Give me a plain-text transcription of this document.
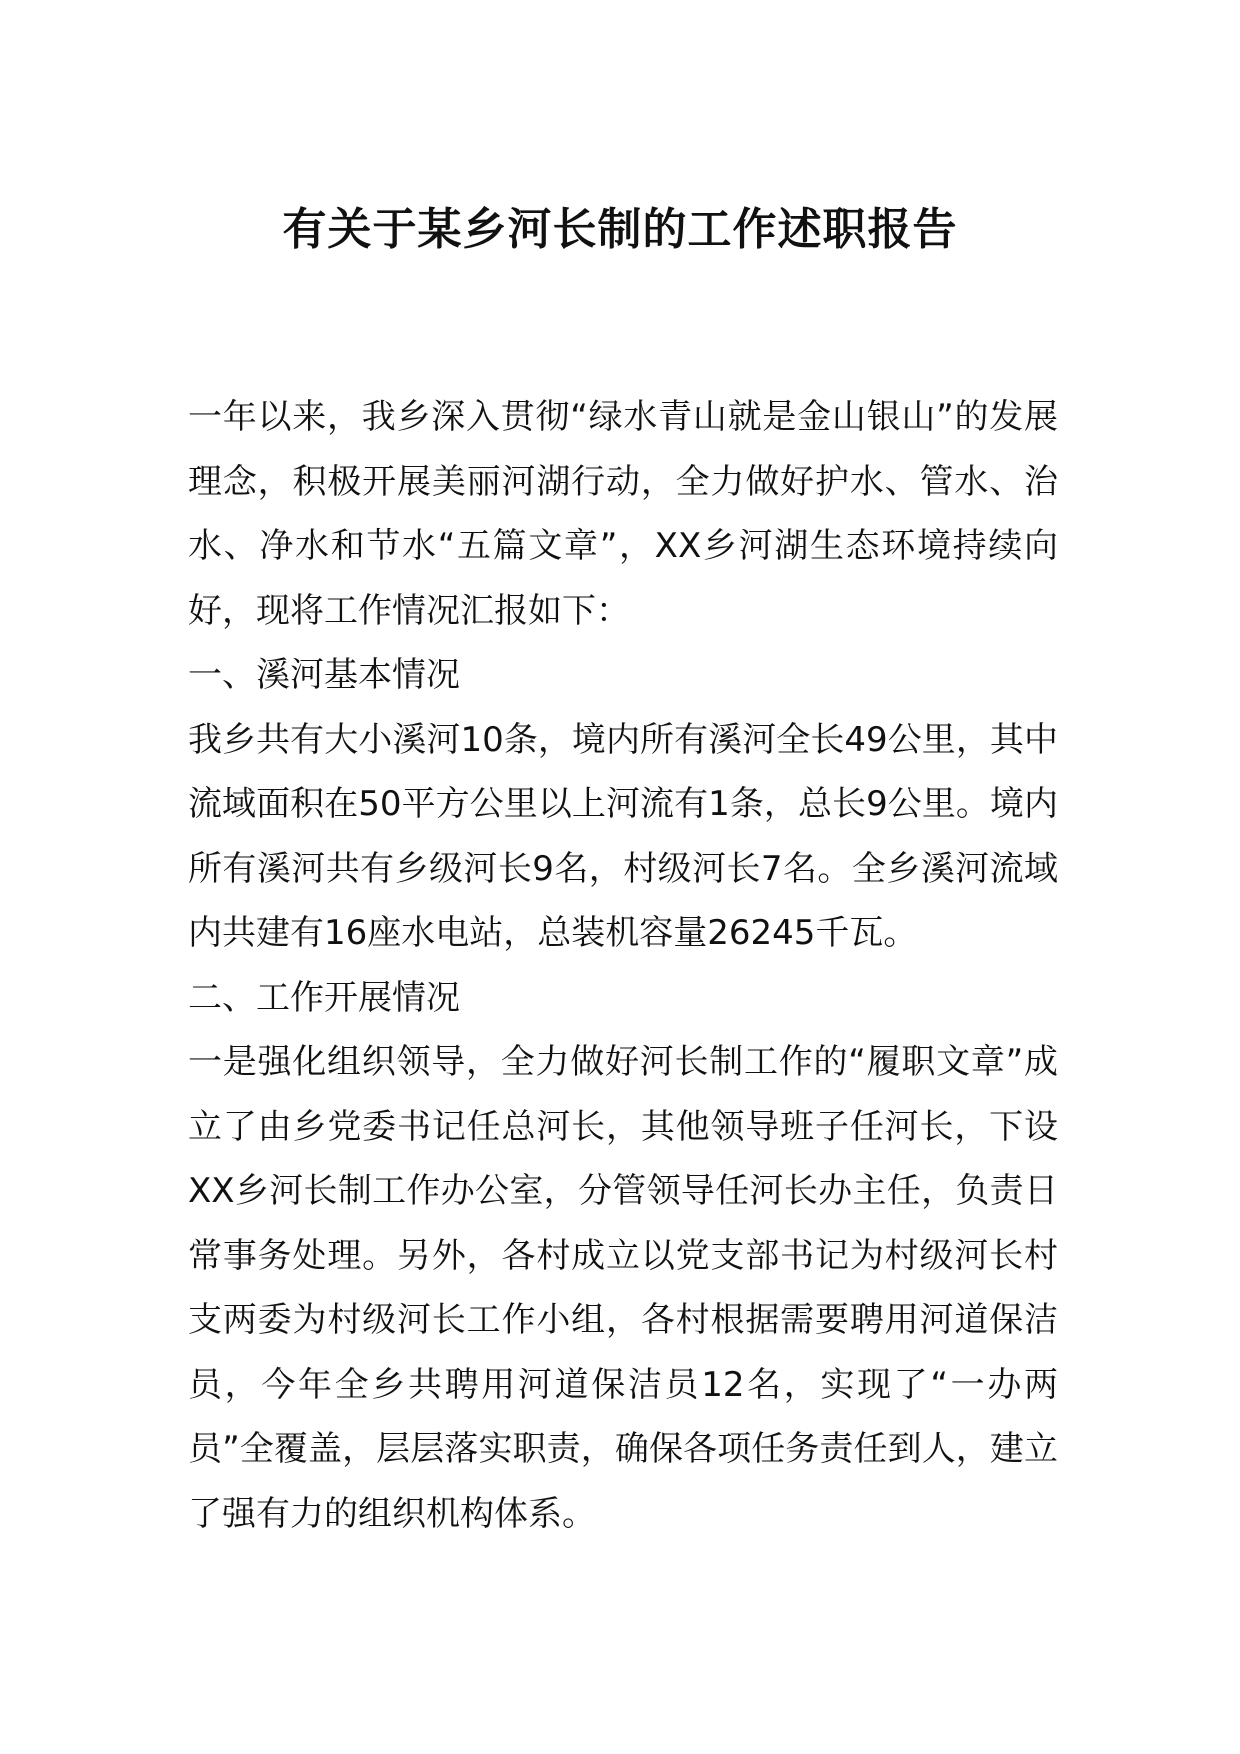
有关于某乡河长制的工作述职报告

一年以来，我乡深入贯彻“绿水青山就是金山银山”的发展理念，积极开展美丽河湖行动，全力做好护水、管水、治水、净水和节水“五篇文章”，XX乡河湖生态环境持续向好，现将工作情况汇报如下：

一、溪河基本情况

我乡共有大小溪河10条，境内所有溪河全长49公里，其中流域面积在50平方公里以上河流有1条，总长9公里。境内所有溪河共有乡级河长9名，村级河长7名。全乡溪河流域内共建有16座水电站，总装机容量26245千瓦。

二、工作开展情况

一是强化组织领导，全力做好河长制工作的“履职文章”成立了由乡党委书记任总河长，其他领导班子任河长，下设XX乡河长制工作办公室，分管领导任河长办主任，负责日常事务处理。另外，各村成立以党支部书记为村级河长村支两委为村级河长工作小组，各村根据需要聘用河道保洁员，今年全乡共聘用河道保洁员12名，实现了“一办两员”全覆盖，层层落实职责，确保各项任务责任到人，建立了强有力的组织机构体系。
